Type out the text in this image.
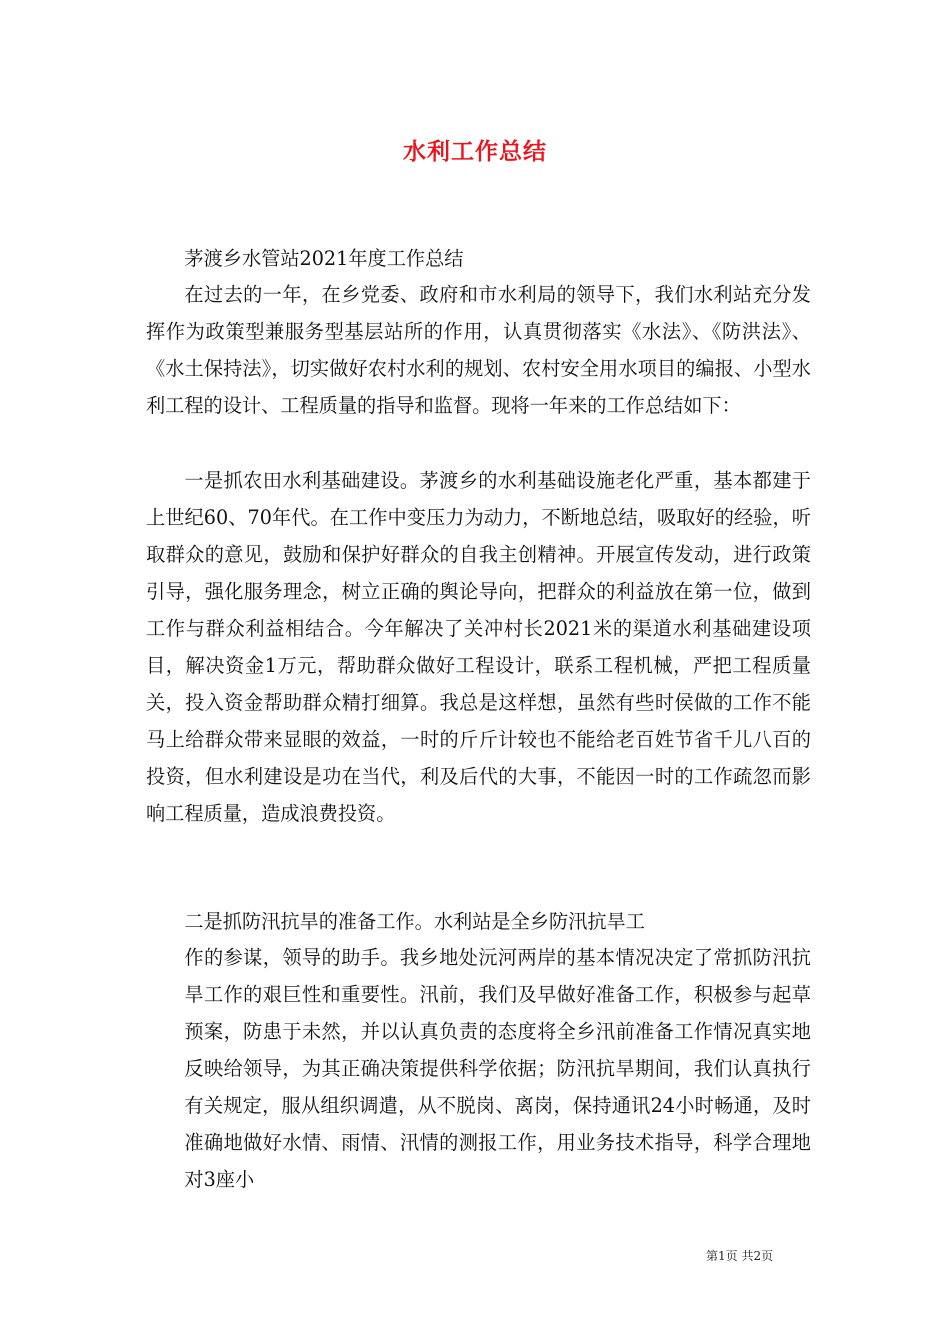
水利工作总结

茅渡乡水管站2021年度工作总结

在过去的一年，在乡党委、政府和市水利局的领导下，我们水利站充分发挥作为政策型兼服务型基层站所的作用，认真贯彻落实《水法》、《防洪法》、《水土保持法》，切实做好农村水利的规划、农村安全用水项目的编报、小型水利工程的设计、工程质量的指导和监督。现将一年来的工作总结如下：

一是抓农田水利基础建设。茅渡乡的水利基础设施老化严重，基本都建于上世纪60、70年代。在工作中变压力为动力，不断地总结，吸取好的经验，听取群众的意见，鼓励和保护好群众的自我主创精神。开展宣传发动，进行政策引导，强化服务理念，树立正确的舆论导向，把群众的利益放在第一位，做到工作与群众利益相结合。今年解决了关冲村长2021米的渠道水利基础建设项目，解决资金1万元，帮助群众做好工程设计，联系工程机械，严把工程质量关，投入资金帮助群众精打细算。我总是这样想，虽然有些时侯做的工作不能马上给群众带来显眼的效益，一时的斤斤计较也不能给老百姓节省千儿八百的投资，但水利建设是功在当代，利及后代的大事，不能因一时的工作疏忽而影响工程质量，造成浪费投资。

二是抓防汛抗旱的准备工作。水利站是全乡防汛抗旱工

作的参谋，领导的助手。我乡地处沅河两岸的基本情况决定了常抓防汛抗旱工作的艰巨性和重要性。汛前，我们及早做好准备工作，积极参与起草预案，防患于未然，并以认真负责的态度将全乡汛前准备工作情况真实地反映给领导，为其正确决策提供科学依据；防汛抗旱期间，我们认真执行有关规定，服从组织调遣，从不脱岗、离岗，保持通讯24小时畅通，及时准确地做好水情、雨情、汛情的测报工作，用业务技术指导，科学合理地对3座小

第1页 共2页
